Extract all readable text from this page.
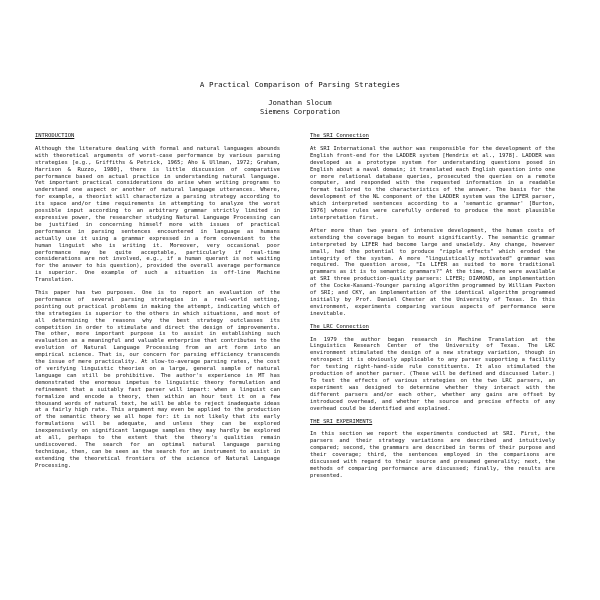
A Practical Comparison of Parsing Strategies
Jonathan Slocum
Siemens Corporation
INTRODUCTION

Although the literature dealing with formal and natural languages abounds with theoretical arguments of worst-case performance by various parsing strategies [e.g., Griffiths & Petrick, 1965; Aho & Ullman, 1972; Graham, Harrison & Ruzzo, 1980], there is little discussion of comparative performance based on actual practice in understanding natural language. Yet important practical considerations do arise when writing programs to understand one aspect or another of natural language utterances. Where, for example, a theorist will characterize a parsing strategy according to its space and/or time requirements in attempting to analyze the worst possible input according to an arbitrary grammar strictly limited in expressive power, the researcher studying Natural Language Processing can be justified in concerning himself more with issues of practical performance in parsing sentences encountered in language as humans actually use it using a grammar expressed in a form convenient to the human linguist who is writing it. Moreover, very occasional poor performance may be quite acceptable, particularly if real-time considerations are not involved, e.g., if a human querant is not waiting for the answer to his question), provided the overall average performance is superior. One example of such a situation is off-line Machine Translation.

This paper has two purposes. One is to report an evaluation of the performance of several parsing strategies in a real-world setting, pointing out practical problems in making the attempt, indicating which of the strategies is superior to the others in which situations, and most of all determining the reasons why the best strategy outclasses its competition in order to stimulate and direct the design of improvements. The other, more important purpose is to assist in establishing such evaluation as a meaningful and valuable enterprise that contributes to the evolution of Natural Language Processing from an art form into an empirical science. That is, our concern for parsing efficiency transcends the issue of mere practicality. At slow-to-average parsing rates, the cost of verifying linguistic theories on a large, general sample of natural language can still be prohibitive. The author's experience in MT has demonstrated the enormous impetus to linguistic theory formulation and refinement that a suitably fast parser will impart: when a linguist can formalize and encode a theory, then within an hour test it on a few thousand words of natural text, he will be able to reject inadequate ideas at a fairly high rate. This argument may even be applied to the production of the semantic theory we all hope for: it is not likely that its early formulations will be adequate, and unless they can be explored inexpensively on significant language samples they may hardly be explored at all, perhaps to the extent that the theory's qualities remain undiscovered. The search for an optimal natural language parsing technique, then, can be seen as the search for an instrument to assist in extending the theoretical frontiers of the science of Natural Language Processing.

The SRI Connection

At SRI International the author was responsible for the development of the English front-end for the LADDER system [Hendrix et al., 1978]. LADDER was developed as a prototype system for understanding questions posed in English about a naval domain; it translated each English question into one or more relational database queries, prosecuted the queries on a remote computer, and responded with the requested information in a readable format tailored to the characteristics of the answer. The basis for the development of the NL component of the LADDER system was the LIFER parser, which interpreted sentences according to a 'semantic grammar' [Burton, 1976] whose rules were carefully ordered to produce the most plausible interpretation first.

After more than two years of intensive development, the human costs of extending the coverage began to mount significantly. The semantic grammar interpreted by LIFER had become large and unwieldy. Any change, however small, had the potential to produce "ripple effects" which eroded the integrity of the system. A more "linguistically motivated" grammar was required. The question arose, "Is LIFER as suited to more traditional grammars as it is to semantic grammars?" At the time, there were available at SRI three production-quality parsers: LIFER; DIAMOND, an implementation of the Cocke-Kasami-Younger parsing algorithm programmed by William Paxton of SRI; and CKY, an implementation of the identical algorithm programmed initially by Prof. Daniel Chester at the University of Texas. In this environment, experiments comparing various aspects of performance were inevitable.

The LRC Connection

In 1979 the author began research in Machine Translation at the Linguistics Research Center of the University of Texas. The LRC environment stimulated the design of a new strategy variation, though in retrospect it is obviously applicable to any parser supporting a facility for testing right-hand-side rule constituents. It also stimulated the production of another parser. (These will be defined and discussed later.) To test the effects of various strategies on the two LRC parsers, an experiment was designed to determine whether they interact with the different parsers and/or each other, whether any gains are offset by introduced overhead, and whether the source and precise effects of any overhead could be identified and explained.

THE SRI EXPERIMENTS

In this section we report the experiments conducted at SRI. First, the parsers and their strategy variations are described and intuitively compared; second, the grammars are described in terms of their purpose and their coverage; third, the sentences employed in the comparisons are discussed with regard to their source and presumed generality; next, the methods of comparing performance are discussed; finally, the results are presented.
